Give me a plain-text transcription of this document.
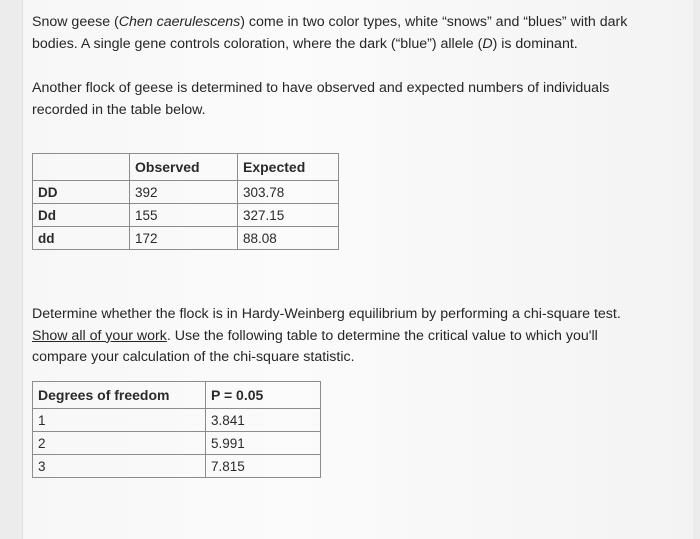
Snow geese (Chen caerulescens) come in two color types, white “snows” and “blues” with dark bodies. A single gene controls coloration, where the dark (“blue”) allele (D) is dominant.
Another flock of geese is determined to have observed and expected numbers of individuals recorded in the table below.
	Observed	Expected
DD	392	303.78
Dd	155	327.15
dd	172	88.08
Determine whether the flock is in Hardy-Weinberg equilibrium by performing a chi-square test. Show all of your work. Use the following table to determine the critical value to which you'll compare your calculation of the chi-square statistic.
Degrees of freedom	P = 0.05
1	3.841
2	5.991
3	7.815
